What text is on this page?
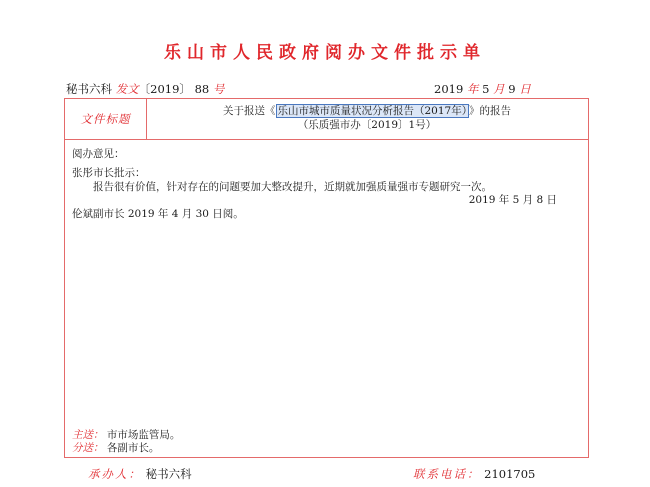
乐山市人民政府阅办文件批示单
秘书六科 发文〔2019〕 88 号	2019 年 5 月 9 日
文件标题
关于报送《 乐山市城市质量状况分析报告（2017年） 》的报告
（乐质强市办〔2019〕1号）
阅办意见：

张彤市长批示：

报告很有价值，针对存在的问题要加大整改提升，近期就加强质量强市专题研究一次。

2019 年 5 月 8 日

伦斌副市长 2019 年 4 月 30 日阅。

主送： 市市场监管局。
分送： 各副市长。
承办人： 秘书六科	联系电话： 2101705
